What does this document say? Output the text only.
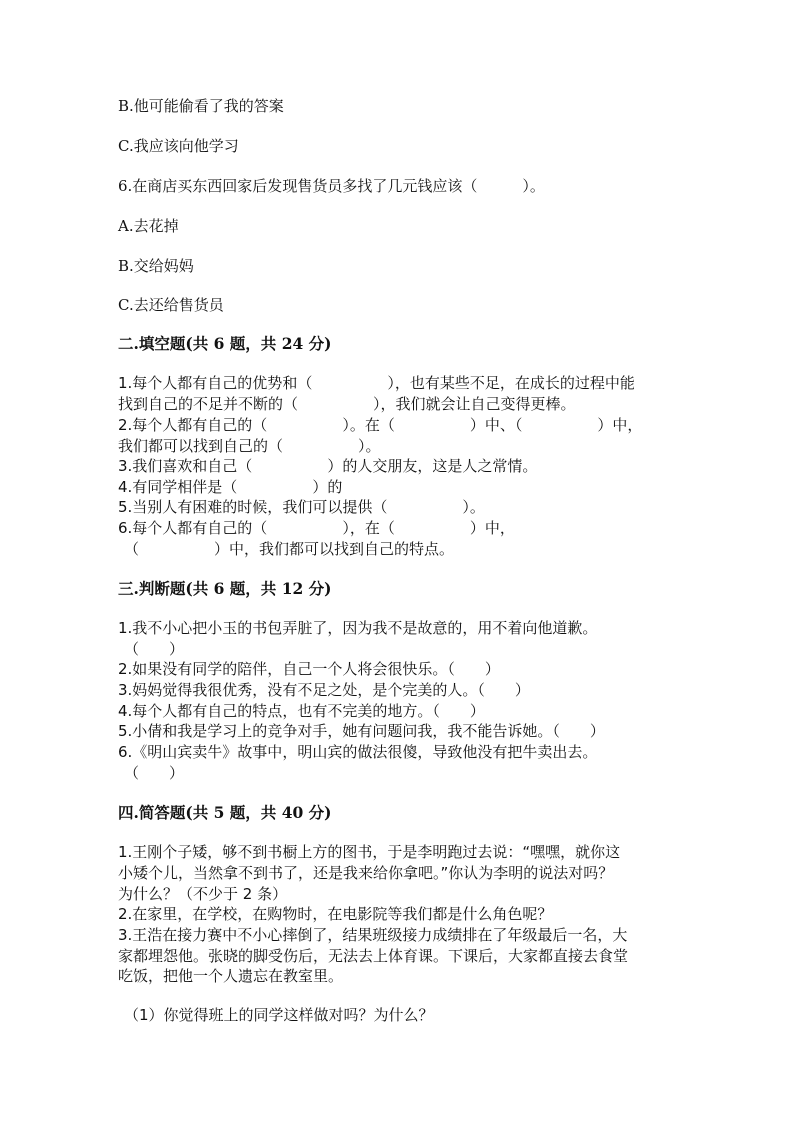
B.他可能偷看了我的答案
C.我应该向他学习
6.在商店买东西回家后发现售货员多找了几元钱应该（　　　）。
A.去花掉
B.交给妈妈
C.去还给售货员
二.填空题(共 6 题，共 24 分)
1.每个人都有自己的优势和（　　　　　），也有某些不足，在成长的过程中能
找到自己的不足并不断的（　　　　　），我们就会让自己变得更棒。
2.每个人都有自己的（　　　　　）。在（　　　　　）中、（　　　　　）中，
我们都可以找到自己的（　　　　　）。
3.我们喜欢和自己（　　　　　）的人交朋友，这是人之常情。
4.有同学相伴是（　　　　　）的
5.当别人有困难的时候，我们可以提供（　　　　　）。
6.每个人都有自己的（　　　　　），在（　　　　　）中，
（　　　　　）中，我们都可以找到自己的特点。
三.判断题(共 6 题，共 12 分)
1.我不小心把小玉的书包弄脏了，因为我不是故意的，用不着向他道歉。
（　　）
2.如果没有同学的陪伴，自己一个人将会很快乐。（　　）
3.妈妈觉得我很优秀，没有不足之处，是个完美的人。（　　）
4.每个人都有自己的特点，也有不完美的地方。（　　）
5.小倩和我是学习上的竞争对手，她有问题问我，我不能告诉她。（　　）
6.《明山宾卖牛》故事中，明山宾的做法很傻，导致他没有把牛卖出去。
（　　）
四.简答题(共 5 题，共 40 分)
1.王刚个子矮，够不到书橱上方的图书，于是李明跑过去说：“嘿嘿，就你这
小矮个儿，当然拿不到书了，还是我来给你拿吧。”你认为李明的说法对吗？
为什么？（不少于 2 条）
2.在家里，在学校，在购物时，在电影院等我们都是什么角色呢？
3.王浩在接力赛中不小心摔倒了，结果班级接力成绩排在了年级最后一名，大
家都埋怨他。张晓的脚受伤后，无法去上体育课。下课后，大家都直接去食堂
吃饭，把他一个人遗忘在教室里。
（1）你觉得班上的同学这样做对吗？为什么？
